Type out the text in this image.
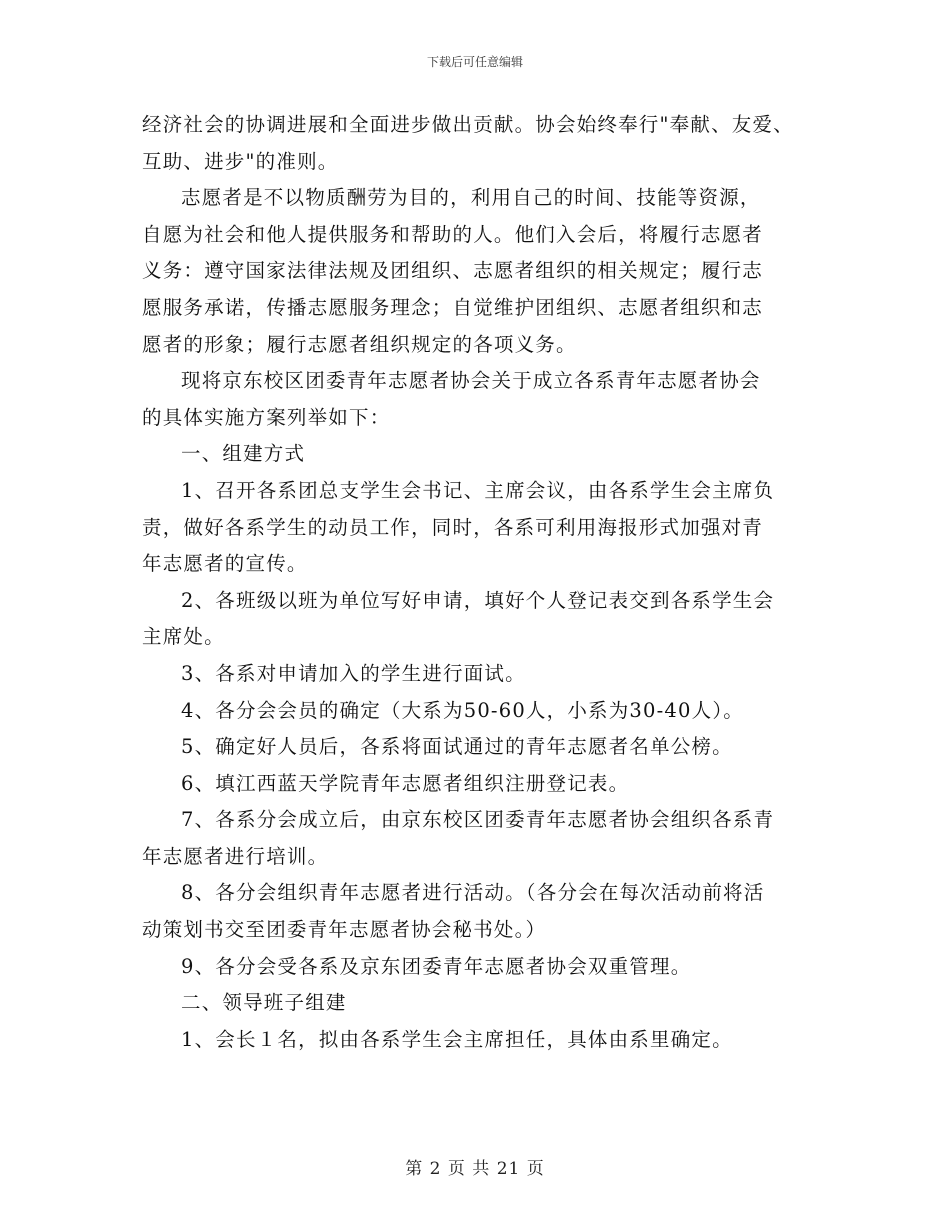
下载后可任意编辑
经济社会的协调进展和全面进步做出贡献。协会始终奉行"奉献、友爱、
互助、进步"的准则。
志愿者是不以物质酬劳为目的，利用自己的时间、技能等资源，
自愿为社会和他人提供服务和帮助的人。他们入会后，将履行志愿者
义务：遵守国家法律法规及团组织、志愿者组织的相关规定；履行志
愿服务承诺，传播志愿服务理念；自觉维护团组织、志愿者组织和志
愿者的形象；履行志愿者组织规定的各项义务。
现将京东校区团委青年志愿者协会关于成立各系青年志愿者协会
的具体实施方案列举如下：
一、组建方式
1、召开各系团总支学生会书记、主席会议，由各系学生会主席负
责，做好各系学生的动员工作，同时，各系可利用海报形式加强对青
年志愿者的宣传。
2、各班级以班为单位写好申请，填好个人登记表交到各系学生会
主席处。
3、各系对申请加入的学生进行面试。
4、各分会会员的确定（大系为50-60人，小系为30-40人）。
5、确定好人员后，各系将面试通过的青年志愿者名单公榜。
6、填江西蓝天学院青年志愿者组织注册登记表。
7、各系分会成立后，由京东校区团委青年志愿者协会组织各系青
年志愿者进行培训。
8、各分会组织青年志愿者进行活动。（各分会在每次活动前将活
动策划书交至团委青年志愿者协会秘书处。）
9、各分会受各系及京东团委青年志愿者协会双重管理。
二、领导班子组建
1、会长１名，拟由各系学生会主席担任，具体由系里确定。
第 2 页 共 21 页
